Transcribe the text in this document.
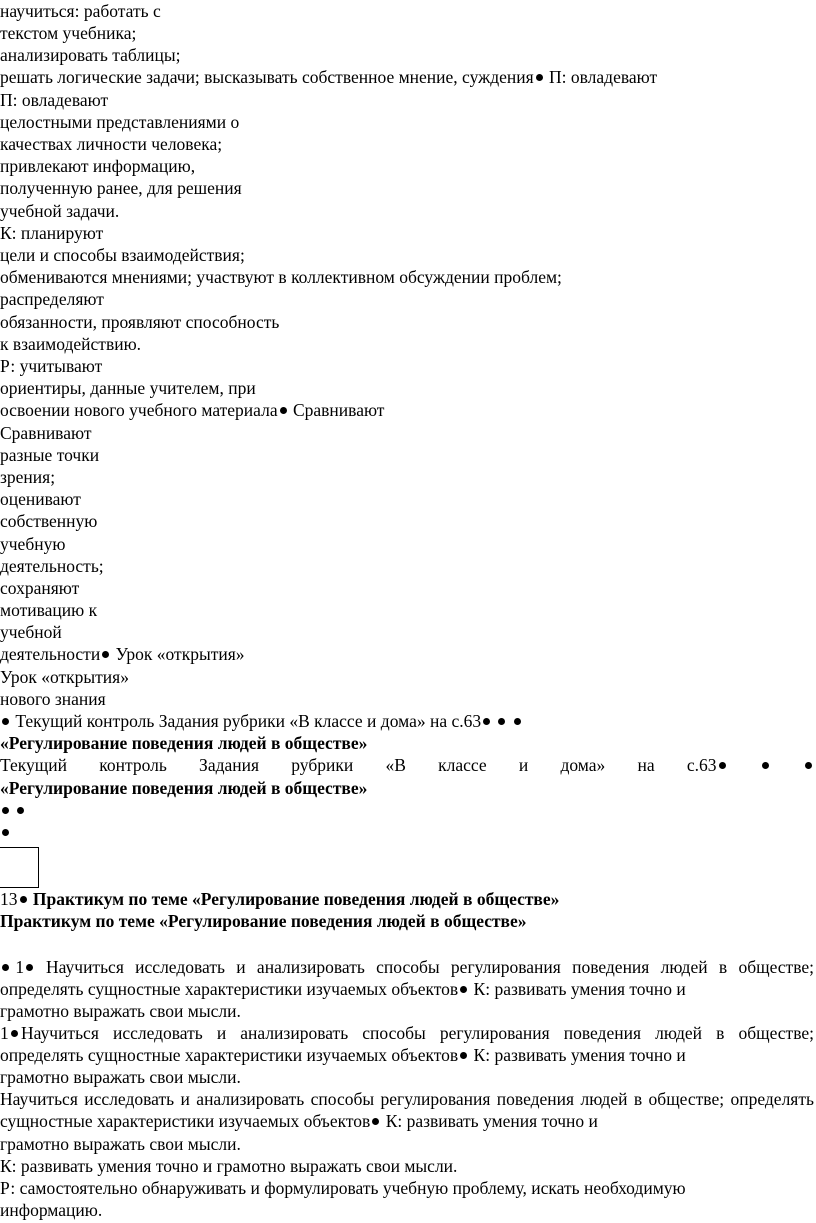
научиться: работать с

текстом учебника;

анализировать таблицы;

решать логические задачи; высказывать собственное мнение, суждения П: овладевают

П: овладевают

целостными представлениями о

качествах личности человека;

привлекают информацию,

полученную ранее, для решения

учебной задачи.

К: планируют

цели и способы взаимодействия;

обмениваются мнениями; участвуют в коллективном обсуждении проблем;

распределяют

обязанности, проявляют способность

к взаимодействию.

Р: учитывают

ориентиры, данные учителем, при

освоении нового учебного материала Сравнивают

Сравнивают

разные точки

зрения;

оценивают

собственную

учебную

деятельность;

сохраняют

мотивацию к

учебной

деятельности Урок «открытия»

Урок «открытия»

нового знания

Текущий контроль Задания рубрики «В классе и дома» на с.63

«Регулирование поведения людей в обществе»

Текущий контроль Задания рубрики «В классе и дома» на с.63

«Регулирование поведения людей в обществе»

13 Практикум по теме «Регулирование поведения людей в обществе»

Практикум по теме «Регулирование поведения людей в обществе»

1	Научиться исследовать и анализировать способы регулирования поведения людей в обществе; определять сущностные характеристики изучаемых объектов К: развивать умения точно и

грамотно выражать свои мысли.

1 Научиться исследовать и анализировать способы регулирования поведения людей в обществе; определять сущностные характеристики изучаемых объектов К: развивать умения точно и

грамотно выражать свои мысли.

Научиться исследовать и анализировать способы регулирования поведения людей в обществе; определять сущностные характеристики изучаемых объектов К: развивать умения точно и

грамотно выражать свои мысли.

К: развивать умения точно и грамотно выражать свои мысли.

Р: самостоятельно обнаруживать и формулировать учебную проблему, искать необходимую

информацию.
